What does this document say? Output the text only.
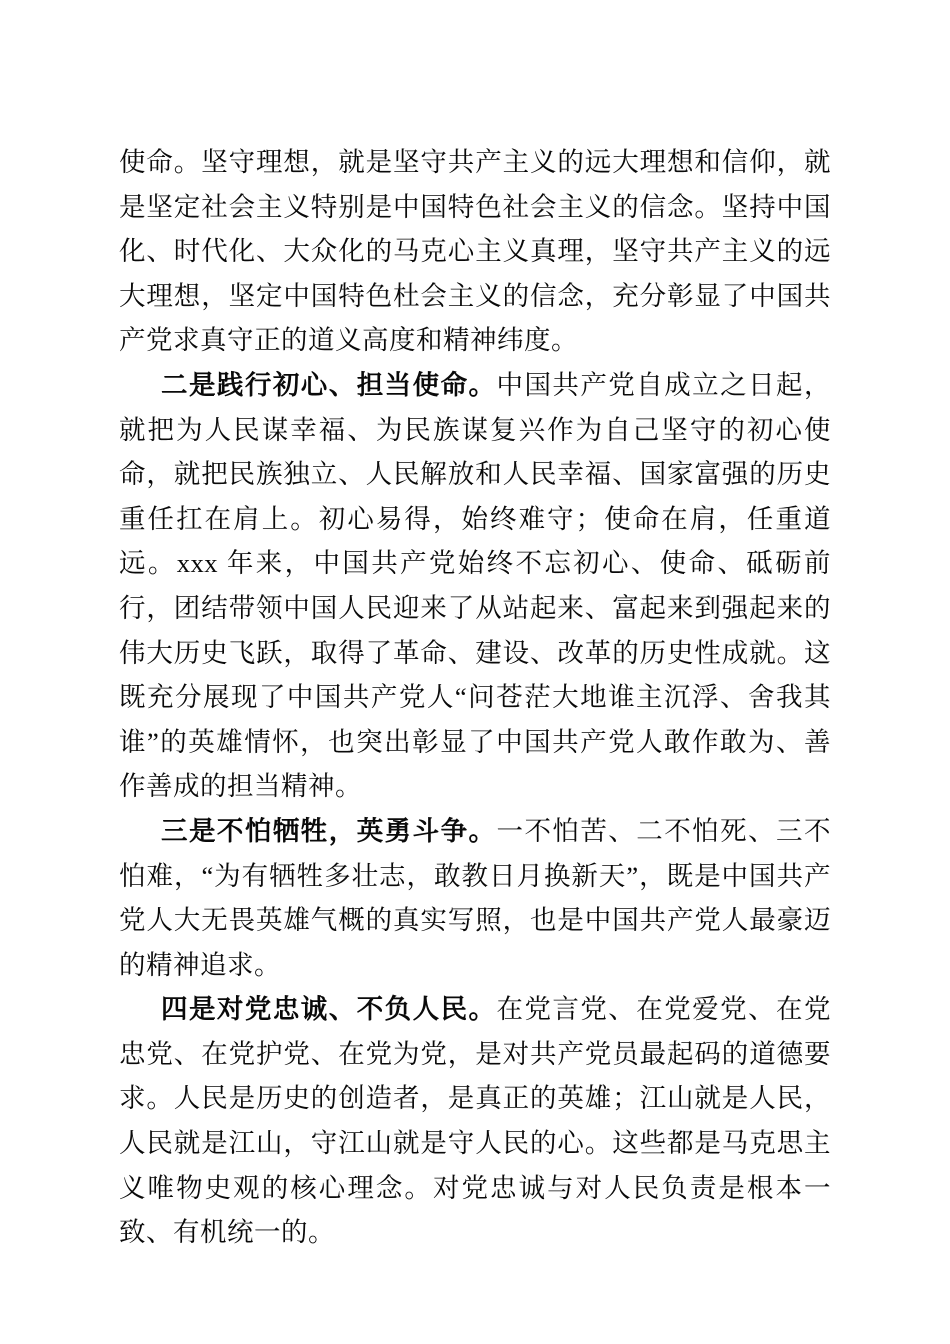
使命。坚守理想，就是坚守共产主义的远大理想和信仰，就是坚定社会主义特别是中国特色社会主义的信念。坚持中国化、时代化、大众化的马克心主义真理，坚守共产主义的远大理想，坚定中国特色杜会主义的信念，充分彰显了中国共产党求真守正的道义高度和精神纬度。

二是践行初心、担当使命。中国共产党自成立之日起，就把为人民谋幸福、为民族谋复兴作为自己坚守的初心使命，就把民族独立、人民解放和人民幸福、国家富强的历史重任扛在肩上。初心易得，始终难守；使命在肩，任重道远。xxx 年来，中国共产党始终不忘初心、使命、砥砺前行，团结带领中国人民迎来了从站起来、富起来到强起来的伟大历史飞跃，取得了革命、建设、改革的历史性成就。这既充分展现了中国共产党人“问苍茫大地谁主沉浮、舍我其谁”的英雄情怀，也突出彰显了中国共产党人敢作敢为、善作善成的担当精神。

三是不怕牺牲，英勇斗争。一不怕苦、二不怕死、三不怕难，“为有牺牲多壮志，敢教日月换新天”，既是中国共产党人大无畏英雄气概的真实写照，也是中国共产党人最豪迈的精神追求。

四是对党忠诚、不负人民。在党言党、在党爱党、在党忠党、在党护党、在党为党，是对共产党员最起码的道德要求。人民是历史的创造者，是真正的英雄；江山就是人民，人民就是江山，守江山就是守人民的心。这些都是马克思主义唯物史观的核心理念。对党忠诚与对人民负责是根本一致、有机统一的。
